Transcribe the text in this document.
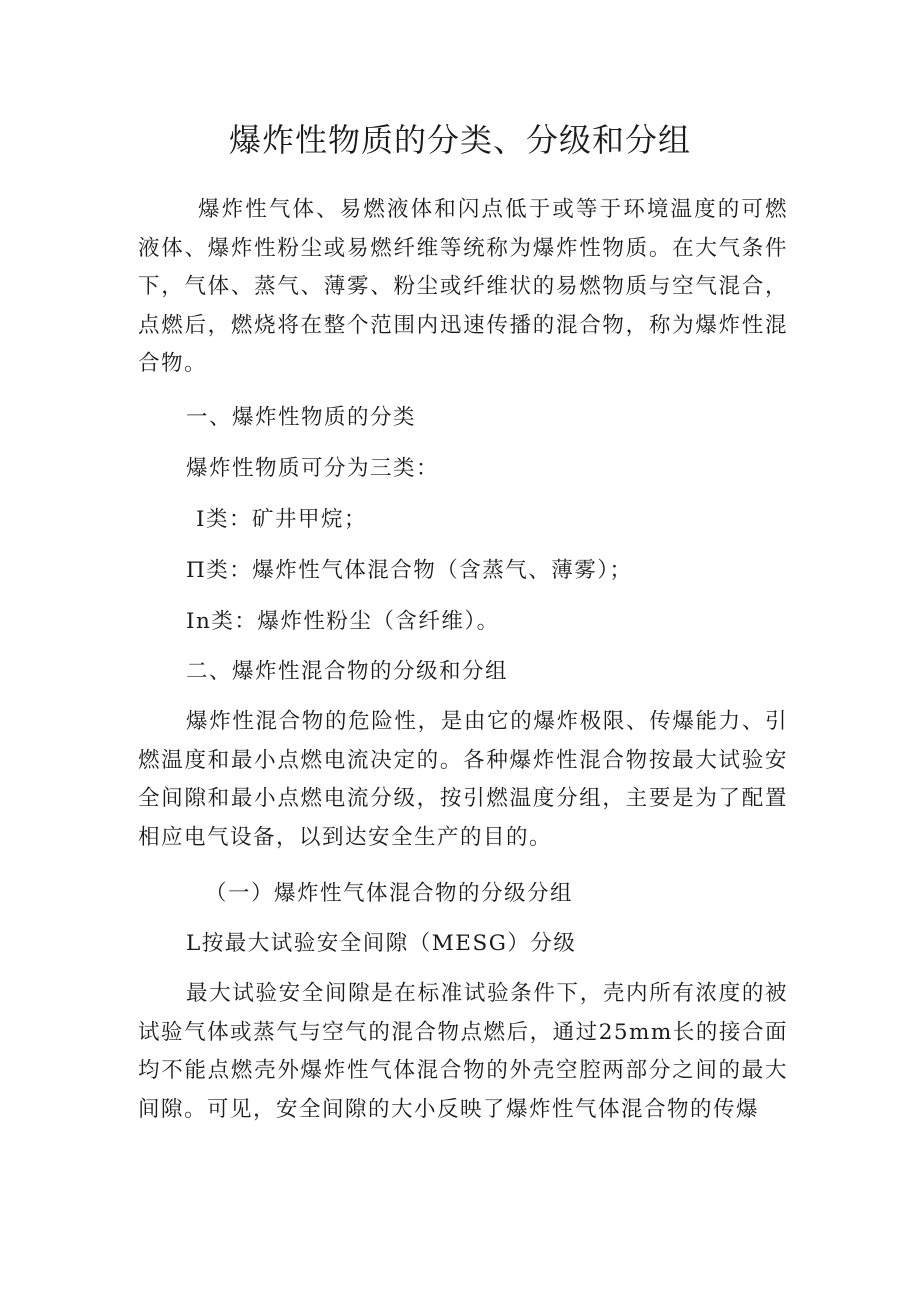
爆炸性物质的分类、分级和分组

爆炸性气体、易燃液体和闪点低于或等于环境温度的可燃液体、爆炸性粉尘或易燃纤维等统称为爆炸性物质。在大气条件下，气体、蒸气、薄雾、粉尘或纤维状的易燃物质与空气混合，点燃后，燃烧将在整个范围内迅速传播的混合物，称为爆炸性混合物。

一、爆炸性物质的分类

爆炸性物质可分为三类：

Ⅰ类：矿井甲烷；

Π类：爆炸性气体混合物（含蒸气、薄雾）；

In类：爆炸性粉尘（含纤维）。

二、爆炸性混合物的分级和分组

爆炸性混合物的危险性，是由它的爆炸极限、传爆能力、引燃温度和最小点燃电流决定的。各种爆炸性混合物按最大试验安全间隙和最小点燃电流分级，按引燃温度分组，主要是为了配置相应电气设备，以到达安全生产的目的。

（一）爆炸性气体混合物的分级分组

L按最大试验安全间隙（MESG）分级

最大试验安全间隙是在标准试验条件下，壳内所有浓度的被试验气体或蒸气与空气的混合物点燃后，通过25mm长的接合面均不能点燃壳外爆炸性气体混合物的外壳空腔两部分之间的最大间隙。可见，安全间隙的大小反映了爆炸性气体混合物的传爆
